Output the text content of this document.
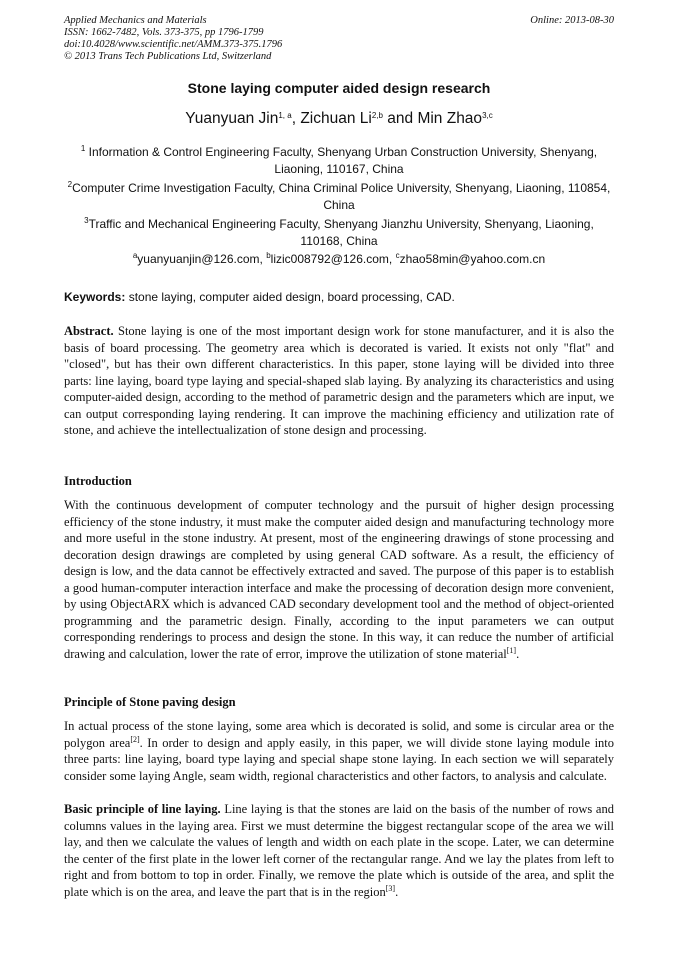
Applied Mechanics and Materials
ISSN: 1662-7482, Vols. 373-375, pp 1796-1799
doi:10.4028/www.scientific.net/AMM.373-375.1796
© 2013 Trans Tech Publications Ltd, Switzerland
Online: 2013-08-30
Stone laying computer aided design research
Yuanyuan Jin$^{1, a}$, Zichuan Li$^{2,b}$ and Min Zhao$^{3,c}$
$^1$ Information & Control Engineering Faculty, Shenyang Urban Construction University, Shenyang, Liaoning, 110167, China
$^2$Computer Crime Investigation Faculty, China Criminal Police University, Shenyang, Liaoning, 110854, China
$^3$Traffic and Mechanical Engineering Faculty, Shenyang Jianzhu University, Shenyang, Liaoning, 110168, China
$^a$yuanyuanjin@126.com, $^b$lizic008792@126.com, $^c$zhao58min@yahoo.com.cn
Keywords: stone laying, computer aided design, board processing, CAD.
Abstract. Stone laying is one of the most important design work for stone manufacturer, and it is also the basis of board processing. The geometry area which is decorated is varied. It exists not only "flat" and "closed", but has their own different characteristics. In this paper, stone laying will be divided into three parts: line laying, board type laying and special-shaped slab laying. By analyzing its characteristics and using computer-aided design, according to the method of parametric design and the parameters which are input, we can output corresponding laying rendering. It can improve the machining efficiency and utilization rate of stone, and achieve the intellectualization of stone design and processing.
Introduction
With the continuous development of computer technology and the pursuit of higher design processing efficiency of the stone industry, it must make the computer aided design and manufacturing technology more and more useful in the stone industry. At present, most of the engineering drawings of stone processing and decoration design drawings are completed by using general CAD software. As a result, the efficiency of design is low, and the data cannot be effectively extracted and saved. The purpose of this paper is to establish a good human-computer interaction interface and make the processing of decoration design more convenient, by using ObjectARX which is advanced CAD secondary development tool and the method of object-oriented programming and the parametric design. Finally, according to the input parameters we can output corresponding renderings to process and design the stone. In this way, it can reduce the number of artificial drawing and calculation, lower the rate of error, improve the utilization of stone material[1].
Principle of Stone paving design
In actual process of the stone laying, some area which is decorated is solid, and some is circular area or the polygon area[2]. In order to design and apply easily, in this paper, we will divide stone laying module into three parts: line laying, board type laying and special shape stone laying. In each section we will separately consider some laying Angle, seam width, regional characteristics and other factors, to analysis and calculate.
Basic principle of line laying. Line laying is that the stones are laid on the basis of the number of rows and columns values in the laying area. First we must determine the biggest rectangular scope of the area we will lay, and then we calculate the values of length and width on each plate in the scope. Later, we can determine the center of the first plate in the lower left corner of the rectangular range. And we lay the plates from left to right and from bottom to top in order. Finally, we remove the plate which is outside of the area, and split the plate which is on the area, and leave the part that is in the region[3].
